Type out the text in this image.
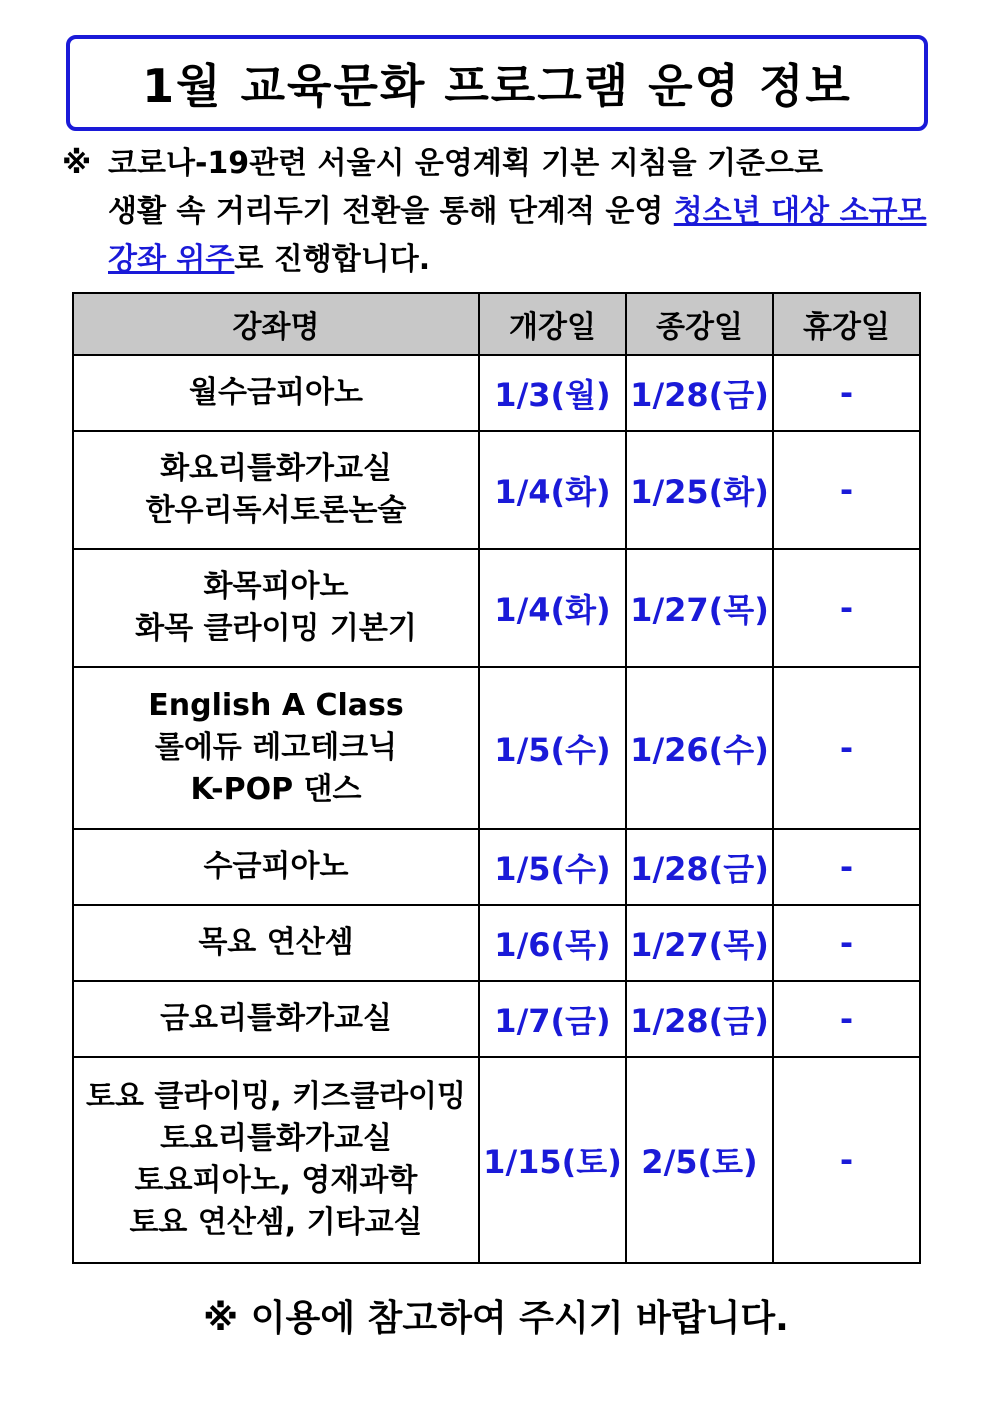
1월 교육문화 프로그램 운영 정보
※ 코로나-19관련 서울시 운영계획 기본 지침을 기준으로
생활 속 거리두기 전환을 통해 단계적 운영 청소년 대상 소규모
강좌 위주로 진행합니다.
강좌명	개강일	종강일	휴강일

월수금피아노	1/3(월)	1/28(금)	-

화요리틀화가교실
한우리독서토론논술	1/4(화)	1/25(화)	-

화목피아노
화목 클라이밍 기본기	1/4(화)	1/27(목)	-

English A Class
롤에듀 레고테크닉
K-POP 댄스	1/5(수)	1/26(수)	-

수금피아노	1/5(수)	1/28(금)	-

목요 연산셈	1/6(목)	1/27(목)	-

금요리틀화가교실	1/7(금)	1/28(금)	-

토요 클라이밍, 키즈클라이밍
토요리틀화가교실
토요피아노, 영재과학
토요 연산셈, 기타교실	1/15(토)	2/5(토)	-
※ 이용에 참고하여 주시기 바랍니다.
